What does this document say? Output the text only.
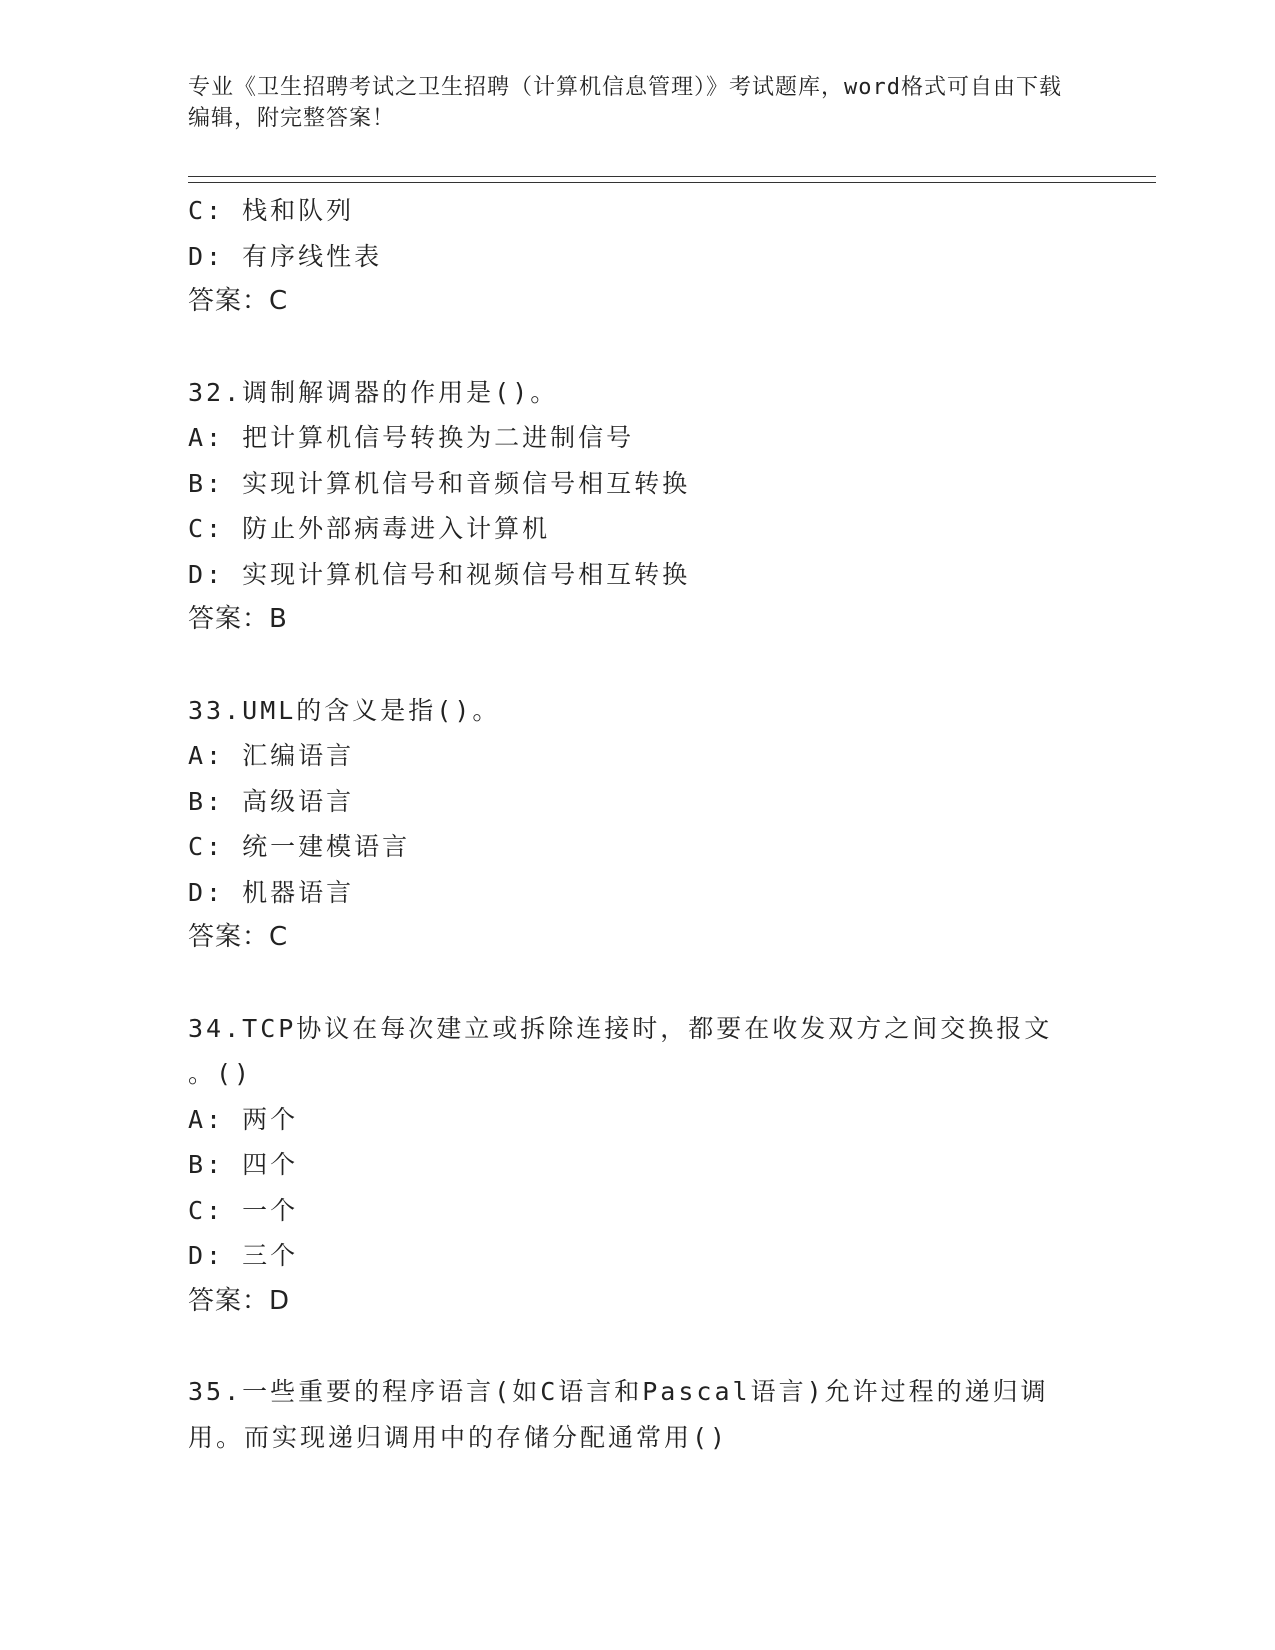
专业《卫生招聘考试之卫生招聘（计算机信息管理）》考试题库，word格式可自由下载编辑，附完整答案！
C: 栈和队列
D: 有序线性表
答案：C
32.调制解调器的作用是()。
A: 把计算机信号转换为二进制信号
B: 实现计算机信号和音频信号相互转换
C: 防止外部病毒进入计算机
D: 实现计算机信号和视频信号相互转换
答案：B
33.UML的含义是指()。
A: 汇编语言
B: 高级语言
C: 统一建模语言
D: 机器语言
答案：C
34.TCP协议在每次建立或拆除连接时，都要在收发双方之间交换报文
。()
A: 两个
B: 四个
C: 一个
D: 三个
答案：D
35.一些重要的程序语言(如C语言和Pascal语言)允许过程的递归调
用。而实现递归调用中的存储分配通常用()
